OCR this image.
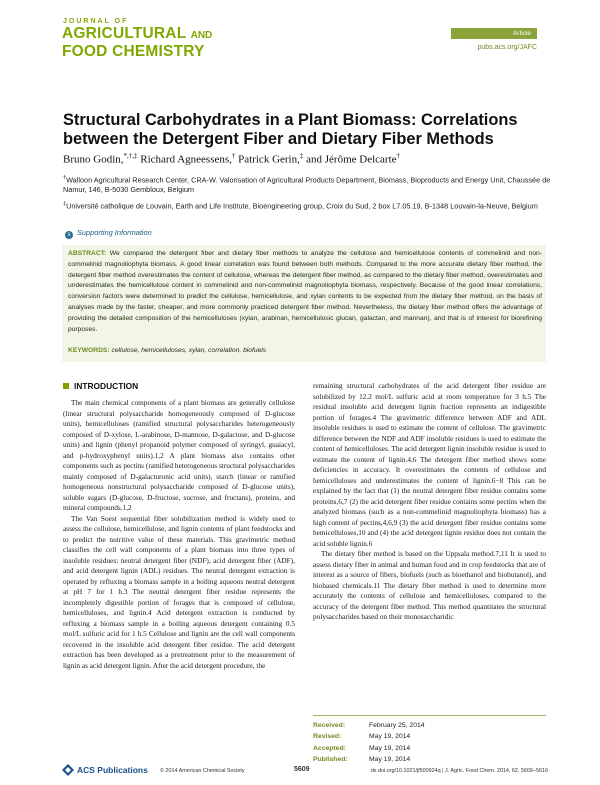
JOURNAL OF
AGRICULTURAL AND
FOOD CHEMISTRY
Article
pubs.acs.org/JAFC
Structural Carbohydrates in a Plant Biomass: Correlations between the Detergent Fiber and Dietary Fiber Methods
Bruno Godin,*,†,‡ Richard Agneessens,† Patrick Gerin,‡ and Jérôme Delcarte†
†Walloon Agricultural Research Center, CRA-W. Valorisation of Agricultural Products Department, Biomass, Bioproducts and Energy Unit, Chaussée de Namur, 146, B-5030 Gembloux, Belgium
‡Université catholique de Louvain, Earth and Life Institute, Bioengineering group, Croix du Sud, 2 box L7.05.19, B-1348 Louvain-la-Neuve, Belgium
s Supporting Information
ABSTRACT: We compared the detergent fiber and dietary fiber methods to analyze the cellulose and hemicellulose contents of commelinid and non-commelinid magnoliophyta biomass. A good linear correlation was found between both methods. Compared to the more accurate dietary fiber method, the detergent fiber method overestimates the content of cellulose, whereas the detergent fiber method, as compared to the dietary fiber method, overestimates and underestimates the hemicellulose content in commelinid and non-commelinid magnoliophyta biomass, respectively. Because of the good linear correlations, conversion factors were determined to predict the cellulose, hemicellulose, and xylan contents to be expected from the dietary fiber method, on the basis of analyses made by the faster, cheaper, and more commonly practiced detergent fiber method. Nevertheless, the dietary fiber method offers the advantage of providing the detailed composition of the hemicelluloses (xylan, arabinan, hemicellulosic glucan, galactan, and mannan), and that is of interest for biorefining purposes.
KEYWORDS: cellulose, hemicelluloses, xylan, correlation, biofuels
INTRODUCTION

The main chemical components of a plant biomass are generally cellulose (linear structural polysaccharide homogeneously composed of D-glucose units), hemicelluloses (ramified structural polysaccharides heterogeneously composed of D-xylose, L-arabinose, D-mannose, D-galactose, and D-glucose units) and lignin (phenyl propanoid polymer composed of syringyl, guaiacyl, and p-hydroxyphenyl units).1,2 A plant biomass also contains other components such as pectins (ramified heterogeneous structural polysaccharides mainly composed of D-galacturonic acid units), starch (linear or ramified homogeneous nonstructural polysaccharide composed of D-glucose units), soluble sugars (D-glucose, D-fructose, sucrose, and fructans), proteins, and mineral compounds.1,2

The Van Soest sequential fiber solubilization method is widely used to assess the cellulose, hemicellulose, and lignin contents of plant feedstocks and to predict the nutritive value of these materials. This gravimetric method classifies the cell wall components of a plant biomass into three types of insoluble residues: neutral detergent fiber (NDF), acid detergent fiber (ADF), and acid detergent lignin (ADL) residues. The neutral detergent extraction is operated by refluxing a biomass sample in a boiling aqueous neutral detergent at pH 7 for 1 h.3 The neutral detergent fiber residue represents the incompletely digestible portion of forages that is composed of cellulose, hemicelluloses, and lignin.4 Acid detergent extraction is conducted by refluxing a biomass sample in a boiling aqueous detergent containing 0.5 mol/L sulfuric acid for 1 h.5 Cellulose and lignin are the cell wall components recovered in the insoluble acid detergent fiber residue. The acid detergent extraction has been developed as a pretreatment prior to the measurement of lignin as acid detergent lignin. After the acid detergent procedure, the

remaining structural carbohydrates of the acid detergent fiber residue are solubilized by 12.2 mol/L sulfuric acid at room temperature for 3 h.5 The residual insoluble acid detergent lignin fraction represents an indigestible portion of forages.4 The gravimetric difference between ADF and ADL insoluble residues is used to estimate the content of cellulose. The gravimetric difference between the NDF and ADF insoluble residues is used to estimate the content of hemicelluloses. The acid detergent lignin insoluble residue is used to estimate the content of lignin.4,6 The detergent fiber method shows some deficiencies in accuracy. It overestimates the contents of cellulose and hemicelluloses and underestimates the content of lignin.6−8 This can be explained by the fact that (1) the neutral detergent fiber residue contains some proteins,6,7 (2) the acid detergent fiber residue contains some pectins when the analyzed biomass (such as a non-commelinid magnoliophyta biomass) has a high content of pectins,4,6,9 (3) the acid detergent fiber residue contains some hemicelluloses,10 and (4) the acid detergent lignin residue does not contain the acid soluble lignin.6

The dietary fiber method is based on the Uppsala method.7,11 It is used to assess dietary fiber in animal and human food and in crop feedstocks that are of interest as a source of fibers, biofuels (such as bioethanol and biobutanol), and biobased chemicals.11 The dietary fiber method is used to determine more accurately the contents of cellulose and hemicelluloses, compared to the accuracy of the detergent fiber method. This method quantitates the structural polysaccharides based on their monosaccharidic

Received:	February 25, 2014
Revised:	May 19, 2014
Accepted:	May 19, 2014
Published:	May 19, 2014
ACS Publications © 2014 American Chemical Society	5609	dx.doi.org/10.1021/jf500924q | J. Agric. Food Chem. 2014, 62, 5609−5616
